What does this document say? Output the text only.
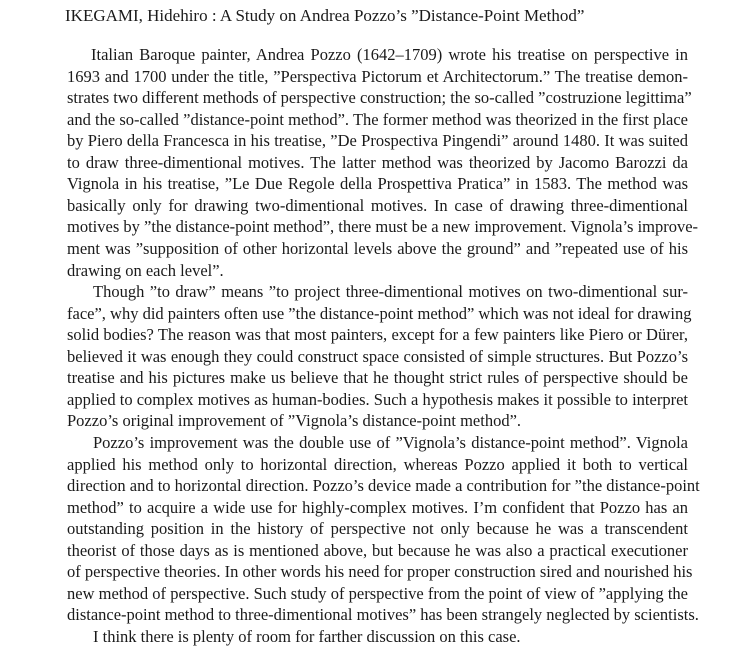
IKEGAMI, Hidehiro : A Study on Andrea Pozzo’s ”Distance-Point Method”
Italian Baroque painter, Andrea Pozzo (1642–1709) wrote his treatise on perspective in
1693 and 1700 under the title, ”Perspectiva Pictorum et Architectorum.” The treatise demon-
strates two different methods of perspective construction; the so-called ”costruzione legittima”
and the so-called ”distance-point method”. The former method was theorized in the first place
by Piero della Francesca in his treatise, ”De Prospectiva Pingendi” around 1480. It was suited
to draw three-dimentional motives. The latter method was theorized by Jacomo Barozzi da
Vignola in his treatise, ”Le Due Regole della Prospettiva Pratica” in 1583. The method was
basically only for drawing two-dimentional motives. In case of drawing three-dimentional
motives by ”the distance-point method”, there must be a new improvement. Vignola’s improve-
ment was ”supposition of other horizontal levels above the ground” and ”repeated use of his
drawing on each level”.
Though ”to draw” means ”to project three-dimentional motives on two-dimentional sur-
face”, why did painters often use ”the distance-point method” which was not ideal for drawing
solid bodies? The reason was that most painters, except for a few painters like Piero or Dürer,
believed it was enough they could construct space consisted of simple structures. But Pozzo’s
treatise and his pictures make us believe that he thought strict rules of perspective should be
applied to complex motives as human-bodies. Such a hypothesis makes it possible to interpret
Pozzo’s original improvement of ”Vignola’s distance-point method”.
Pozzo’s improvement was the double use of ”Vignola’s distance-point method”. Vignola
applied his method only to horizontal direction, whereas Pozzo applied it both to vertical
direction and to horizontal direction. Pozzo’s device made a contribution for ”the distance-point
method” to acquire a wide use for highly-complex motives. I’m confident that Pozzo has an
outstanding position in the history of perspective not only because he was a transcendent
theorist of those days as is mentioned above, but because he was also a practical executioner
of perspective theories. In other words his need for proper construction sired and nourished his
new method of perspective. Such study of perspective from the point of view of ”applying the
distance-point method to three-dimentional motives” has been strangely neglected by scientists.
I think there is plenty of room for farther discussion on this case.
